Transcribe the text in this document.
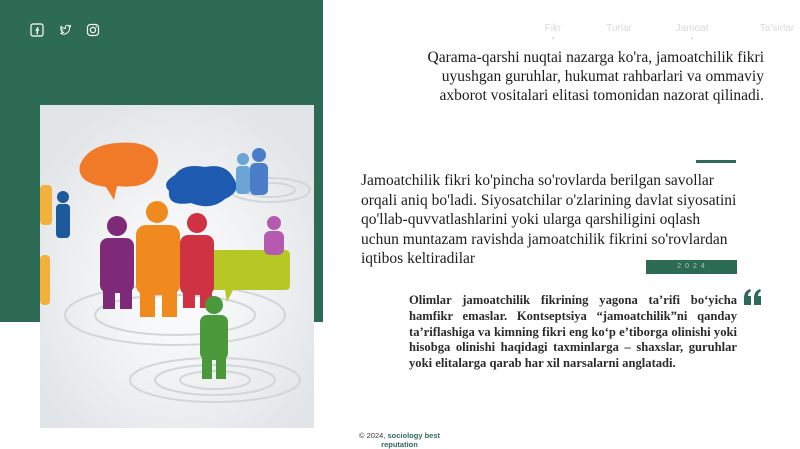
Fikr
•
Turlar	Jamoat
•
Ta'sirlar

Qarama-qarshi nuqtai nazarga ko'ra, jamoatchilik fikri uyushgan guruhlar, hukumat rahbarlari va ommaviy axborot vositalari elitasi tomonidan nazorat qilinadi.

Jamoatchilik fikri ko'pincha so'rovlarda berilgan savollar orqali aniq bo'ladi. Siyosatchilar o'zlarining davlat siyosatini qo'llab-quvvatlashlarini yoki ularga qarshiligini oqlash uchun muntazam ravishda jamoatchilik fikrini so'rovlardan iqtibos keltiradilar	2 0 2 4

Olimlar jamoatchilik fikrining yagona ta’rifi bo‘yicha hamfikr emaslar. Kontseptsiya “jamoatchilik”ni qanday ta’riflashiga va kimning fikri eng ko‘p e’tiborga olinishi yoki hisobga olinishi haqidagi taxminlarga – shaxslar, guruhlar yoki elitalarga qarab har xil narsalarni anglatadi.

© 2024, sociology best reputation
